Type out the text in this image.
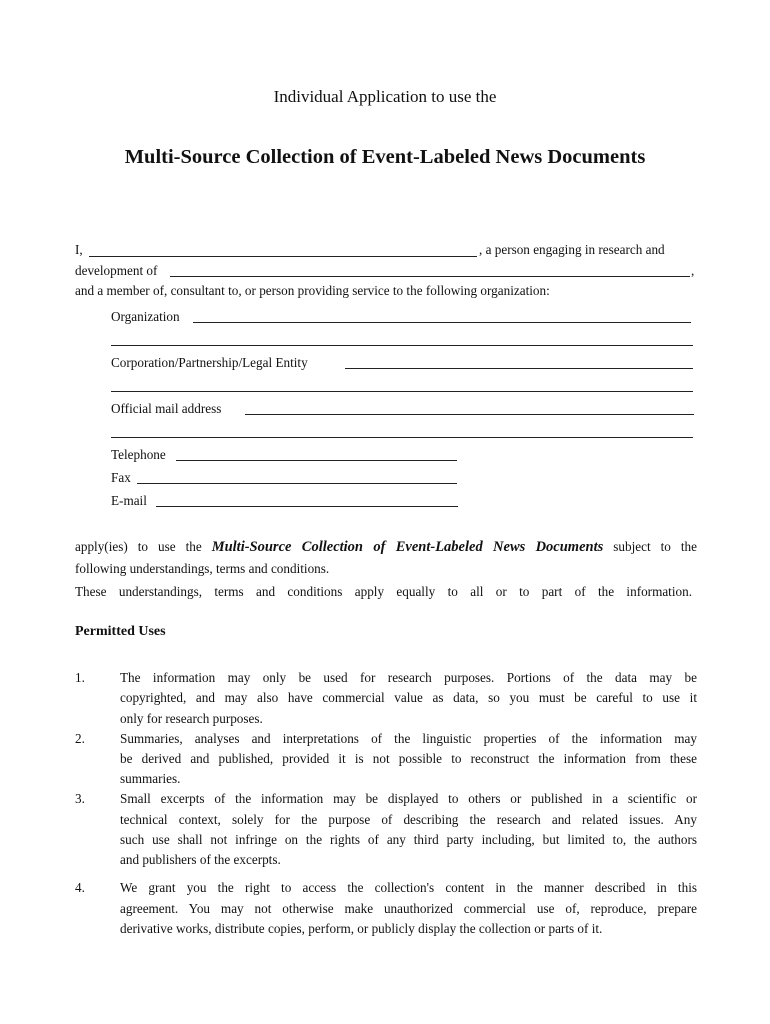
Individual Application to use the
Multi-Source Collection of Event-Labeled News Documents
I,	, a person engaging in research and
development of	,
and a member of, consultant to, or person providing service to the following organization:
Organization
Corporation/Partnership/Legal Entity
Official mail address
Telephone
Fax
E-mail
apply(ies) to use the Multi-Source Collection of Event-Labeled News Documents subject to the
following understandings, terms and conditions.
These understandings, terms and conditions apply equally to all or to part of the information.
Permitted Uses
1.	The information may only be used for research purposes. Portions of the data may be
copyrighted, and may also have commercial value as data, so you must be careful to use it
only for research purposes.
2.	Summaries, analyses and interpretations of the linguistic properties of the information may
be derived and published, provided it is not possible to reconstruct the information from these
summaries.
3.	Small excerpts of the information may be displayed to others or published in a scientific or
technical context, solely for the purpose of describing the research and related issues. Any
such use shall not infringe on the rights of any third party including, but limited to, the authors
and publishers of the excerpts.
4.	We grant you the right to access the collection's content in the manner described in this
agreement. You may not otherwise make unauthorized commercial use of, reproduce, prepare
derivative works, distribute copies, perform, or publicly display the collection or parts of it.
